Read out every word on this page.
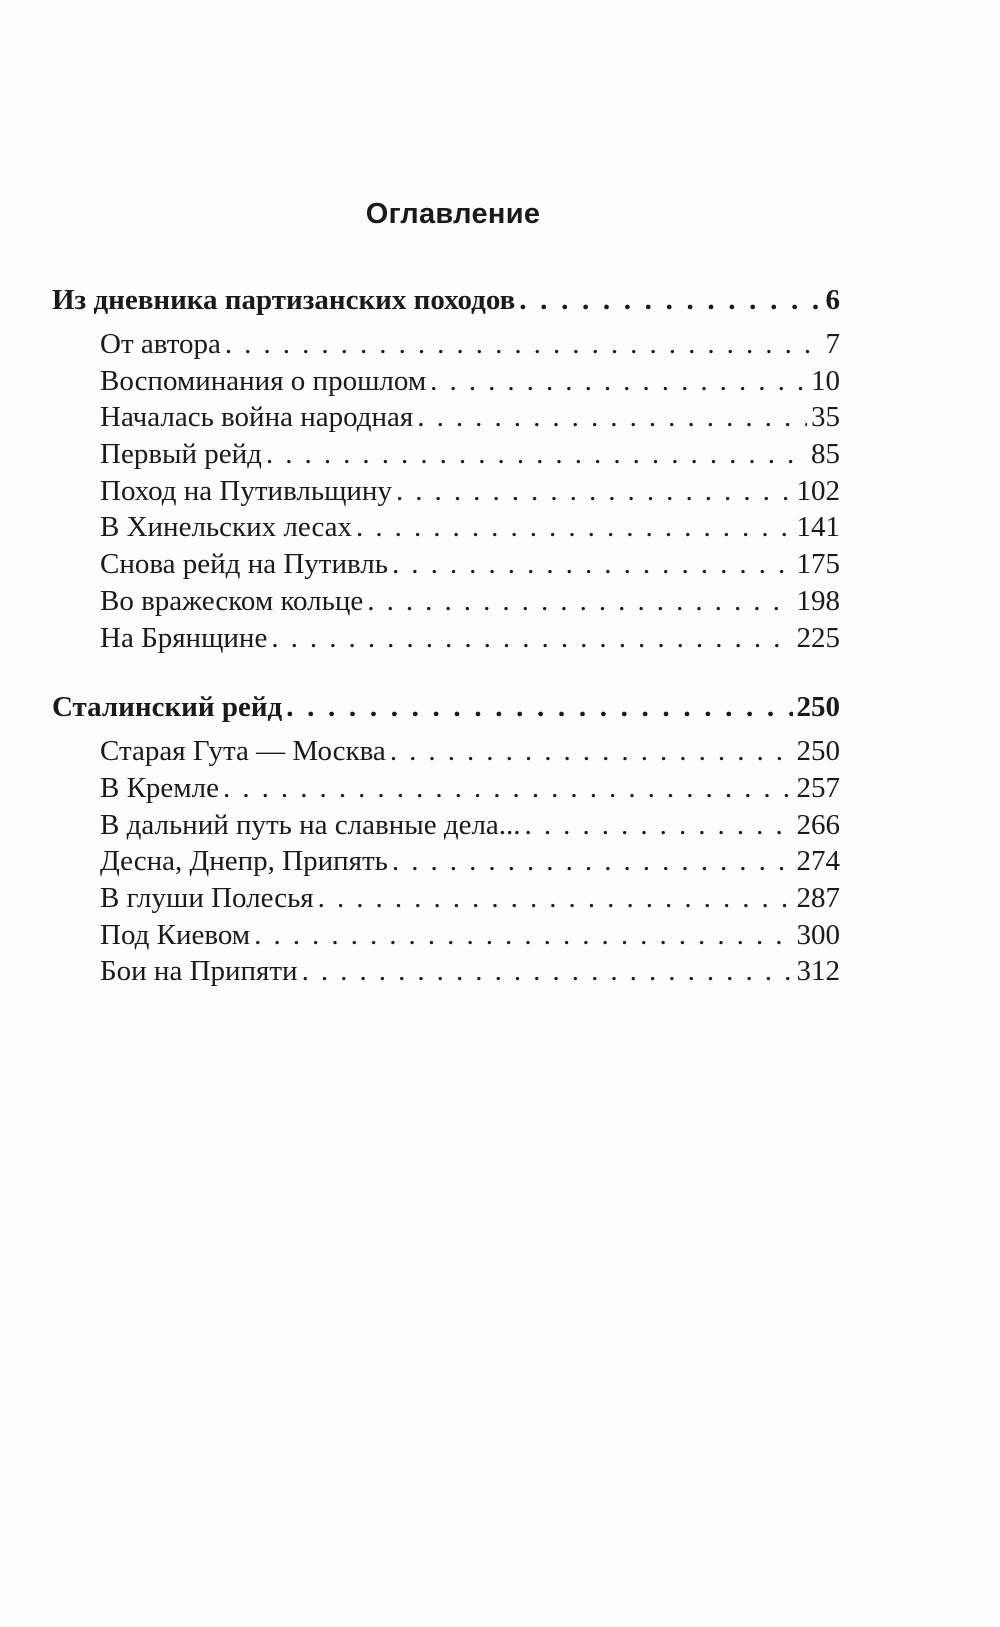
Оглавление
Из дневника партизанских походов . . .	6
От автора . . .	7
Воспоминания о прошлом . . .	10
Началась война народная . . .	35
Первый рейд . . .	85
Поход на Путивльщину . . .	102
В Хинельских лесах . . .	141
Снова рейд на Путивль . . .	175
Во вражеском кольце . . .	198
На Брянщине . . .	225
Сталинский рейд . . .	250
Старая Гута — Москва . . .	250
В Кремле . . .	257
В дальний путь на славные дела... . . .	266
Десна, Днепр, Припять . . .	274
В глуши Полесья . . .	287
Под Киевом . . .	300
Бои на Припяти . . .	312
